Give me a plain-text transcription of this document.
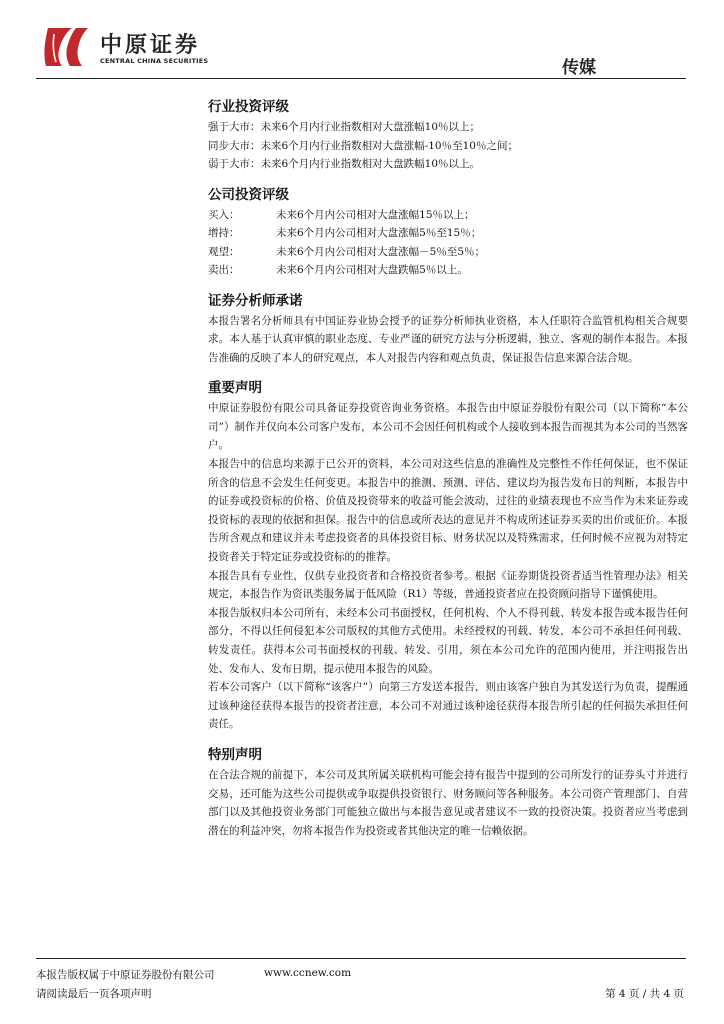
中原证券
CENTRAL CHINA SECURITIES	传媒
行业投资评级
强于大市：未来6个月内行业指数相对大盘涨幅10％以上；
同步大市：未来6个月内行业指数相对大盘涨幅-10％至10％之间；
弱于大市：未来6个月内行业指数相对大盘跌幅10％以上。
公司投资评级
买入：	未来6个月内公司相对大盘涨幅15％以上；
增持：	未来6个月内公司相对大盘涨幅5％至15％；
观望：	未来6个月内公司相对大盘涨幅－5％至5％；
卖出：	未来6个月内公司相对大盘跌幅5％以上。
证券分析师承诺

本报告署名分析师具有中国证券业协会授予的证券分析师执业资格，本人任职符合监管机构相关合规要求。本人基于认真审慎的职业态度、专业严谨的研究方法与分析逻辑，独立、客观的制作本报告。本报告准确的反映了本人的研究观点，本人对报告内容和观点负责，保证报告信息来源合法合规。

重要声明

中原证券股份有限公司具备证券投资咨询业务资格。本报告由中原证券股份有限公司（以下简称“本公司”）制作并仅向本公司客户发布，本公司不会因任何机构或个人接收到本报告而视其为本公司的当然客户。

本报告中的信息均来源于已公开的资料，本公司对这些信息的准确性及完整性不作任何保证，也不保证所含的信息不会发生任何变更。本报告中的推测、预测、评估、建议均为报告发布日的判断，本报告中的证券或投资标的价格、价值及投资带来的收益可能会波动，过往的业绩表现也不应当作为未来证券或投资标的表现的依据和担保。报告中的信息或所表达的意见并不构成所述证券买卖的出价或征价。本报告所含观点和建议并未考虑投资者的具体投资目标、财务状况以及特殊需求，任何时候不应视为对特定投资者关于特定证券或投资标的的推荐。

本报告具有专业性，仅供专业投资者和合格投资者参考。根据《证券期货投资者适当性管理办法》相关规定，本报告作为资讯类服务属于低风险（R1）等级，普通投资者应在投资顾问指导下谨慎使用。

本报告版权归本公司所有，未经本公司书面授权，任何机构、个人不得刊载、转发本报告或本报告任何部分，不得以任何侵犯本公司版权的其他方式使用。未经授权的刊载、转发，本公司不承担任何刊载、转发责任。获得本公司书面授权的刊载、转发、引用，须在本公司允许的范围内使用，并注明报告出处、发布人、发布日期，提示使用本报告的风险。

若本公司客户（以下简称“该客户”）向第三方发送本报告，则由该客户独自为其发送行为负责，提醒通过该种途径获得本报告的投资者注意，本公司不对通过该种途径获得本报告所引起的任何损失承担任何责任。

特别声明

在合法合规的前提下，本公司及其所属关联机构可能会持有报告中提到的公司所发行的证券头寸并进行交易，还可能为这些公司提供或争取提供投资银行、财务顾问等各种服务。本公司资产管理部门、自营部门以及其他投资业务部门可能独立做出与本报告意见或者建议不一致的投资决策。投资者应当考虑到潜在的利益冲突，勿将本报告作为投资或者其他决定的唯一信赖依据。

本报告版权属于中原证券股份有限公司	www.ccnew.com
请阅读最后一页各项声明	第 4 页 / 共 4 页
